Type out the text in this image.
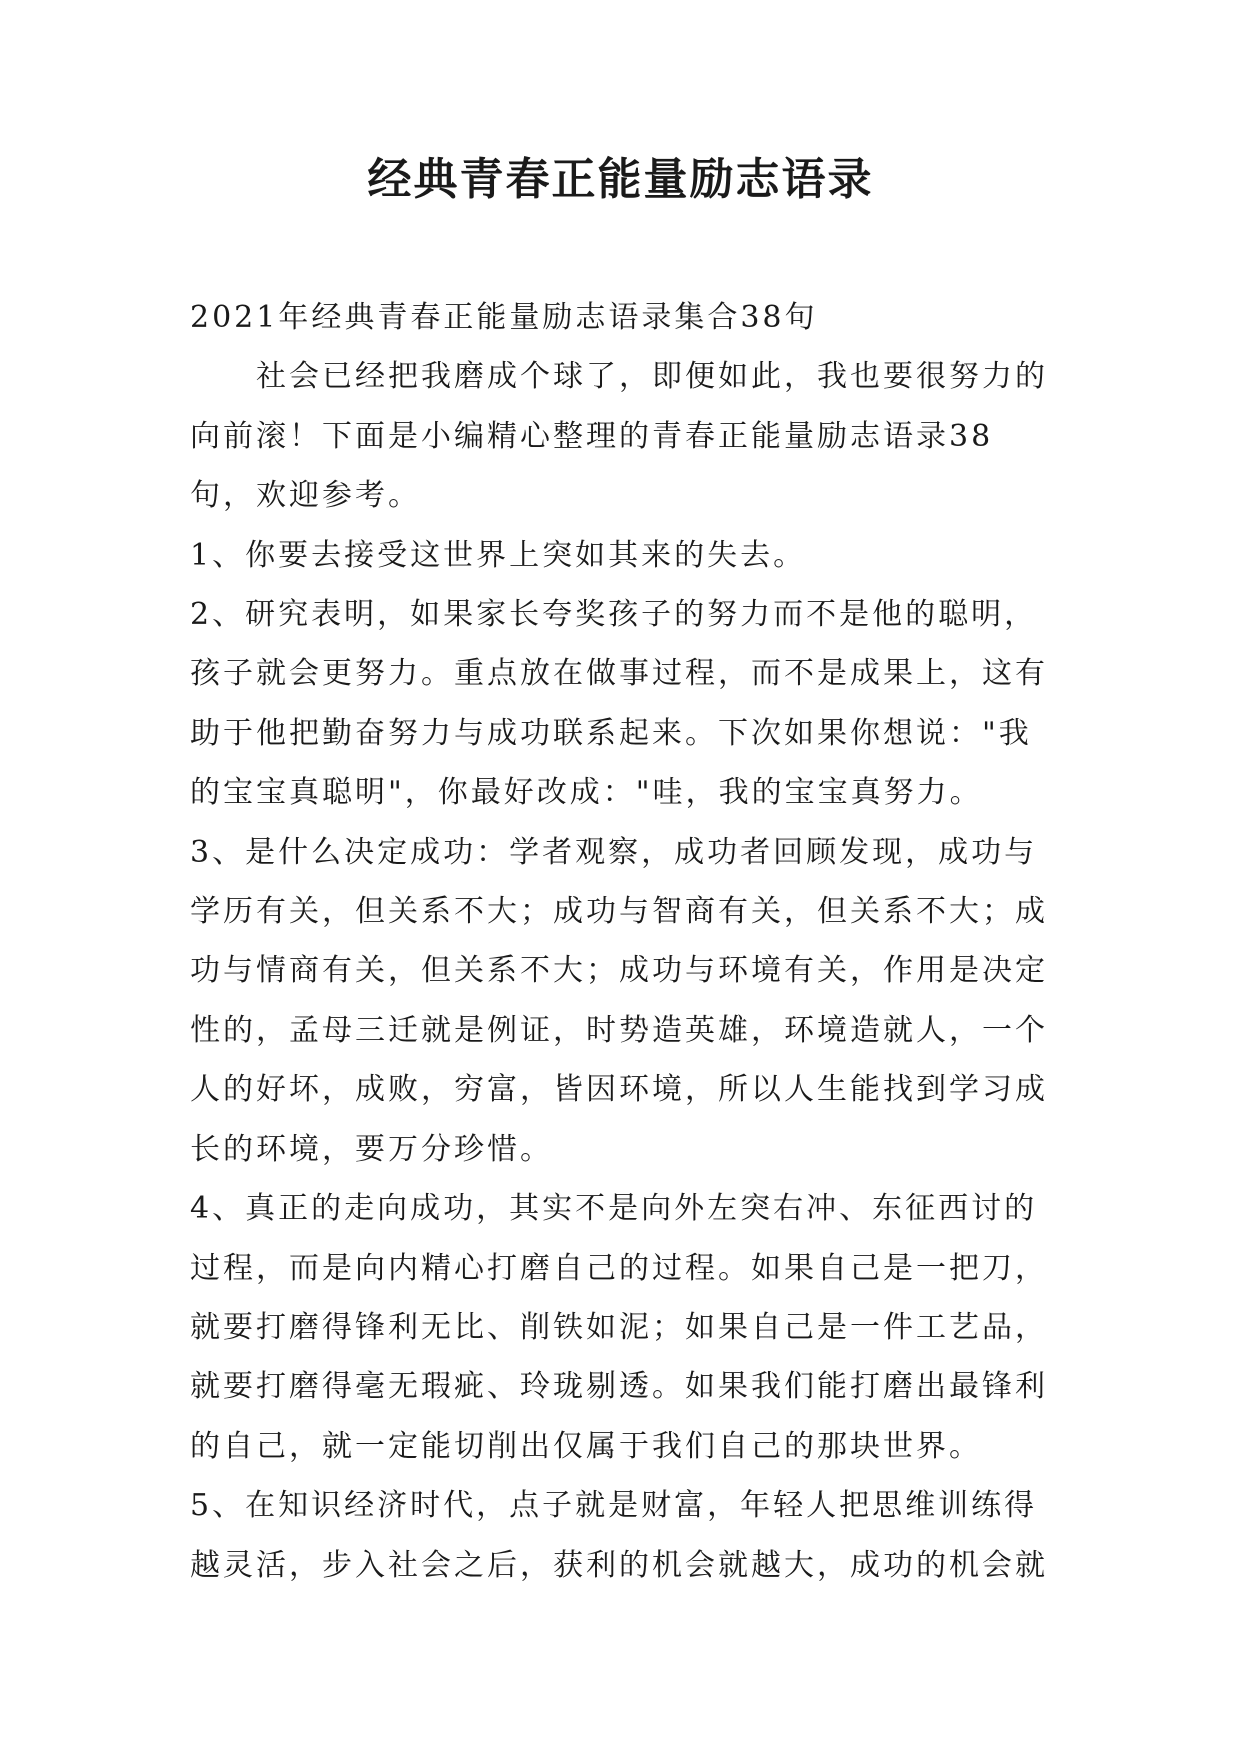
经典青春正能量励志语录

2021年经典青春正能量励志语录集合38句

社会已经把我磨成个球了，即便如此，我也要很努力的向前滚！下面是小编精心整理的青春正能量励志语录38句，欢迎参考。

1、你要去接受这世界上突如其来的失去。

2、研究表明，如果家长夸奖孩子的努力而不是他的聪明，孩子就会更努力。重点放在做事过程，而不是成果上，这有助于他把勤奋努力与成功联系起来。下次如果你想说："我的宝宝真聪明"，你最好改成："哇，我的宝宝真努力。

3、是什么决定成功：学者观察，成功者回顾发现，成功与学历有关，但关系不大；成功与智商有关，但关系不大；成功与情商有关，但关系不大；成功与环境有关，作用是决定性的，孟母三迁就是例证，时势造英雄，环境造就人，一个人的好坏，成败，穷富，皆因环境，所以人生能找到学习成长的环境，要万分珍惜。

4、真正的走向成功，其实不是向外左突右冲、东征西讨的过程，而是向内精心打磨自己的过程。如果自己是一把刀，就要打磨得锋利无比、削铁如泥；如果自己是一件工艺品，就要打磨得毫无瑕疵、玲珑剔透。如果我们能打磨出最锋利的自己，就一定能切削出仅属于我们自己的那块世界。

5、在知识经济时代，点子就是财富，年轻人把思维训练得越灵活，步入社会之后，获利的机会就越大，成功的机会就
